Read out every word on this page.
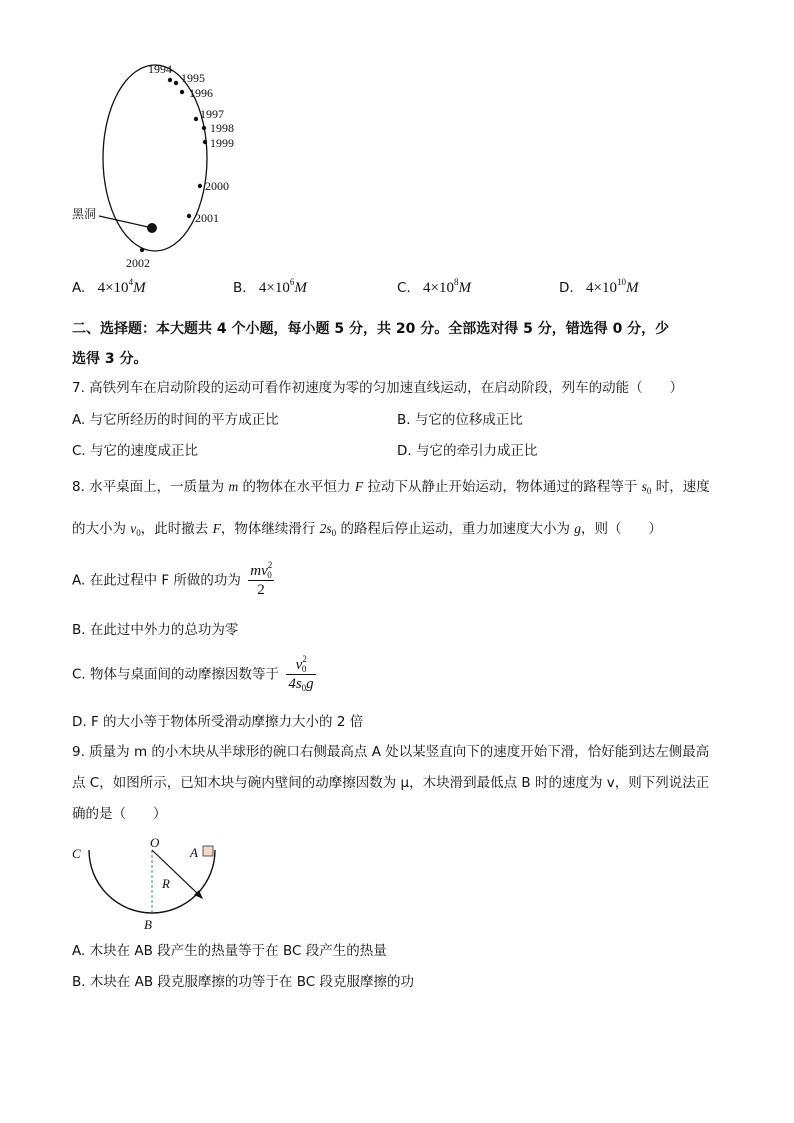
1994
1995
1996
1997
1998
1999
2000
2001
2002
黑洞
A. $4\times 10^4M$	B. $4\times 10^6M$	C. $4\times 10^8M$	D. $4\times 10^{10}M$
二、选择题：本大题共 4 个小题，每小题 5 分，共 20 分。全部选对得 5 分，错选得 0 分，少
选得 3 分。
7. 高铁列车在启动阶段的运动可看作初速度为零的匀加速直线运动，在启动阶段，列车的动能（　　）
A. 与它所经历的时间的平方成正比	B. 与它的位移成正比
C. 与它的速度成正比	D. 与它的牵引力成正比
8. 水平桌面上，一质量为 m 的物体在水平恒力 F 拉动下从静止开始运动，物体通过的路程等于 $s_0$ 时，速度
的大小为 $v_0$，此时撤去 F，物体继续滑行 $2s_0$ 的路程后停止运动，重力加速度大小为 g，则（　　）
A. 在此过程中 F 所做的功为 $\frac{mv^2_0}{2}$
B. 在此过中外力的总功为零
C. 物体与桌面间的动摩擦因数等于 $\frac{v^2_0}{4s_0g}$
D. F 的大小等于物体所受滑动摩擦力大小的 2 倍
9. 质量为 m 的小木块从半球形的碗口右侧最高点 A 处以某竖直向下的速度开始下滑，恰好能到达左侧最高
点 C，如图所示，已知木块与碗内壁间的动摩擦因数为 μ，木块滑到最低点 B 时的速度为 v，则下列说法正
确的是（　　）
C
O
A
R
B
A. 木块在 AB 段产生的热量等于在 BC 段产生的热量
B. 木块在 AB 段克服摩擦的功等于在 BC 段克服摩擦的功
